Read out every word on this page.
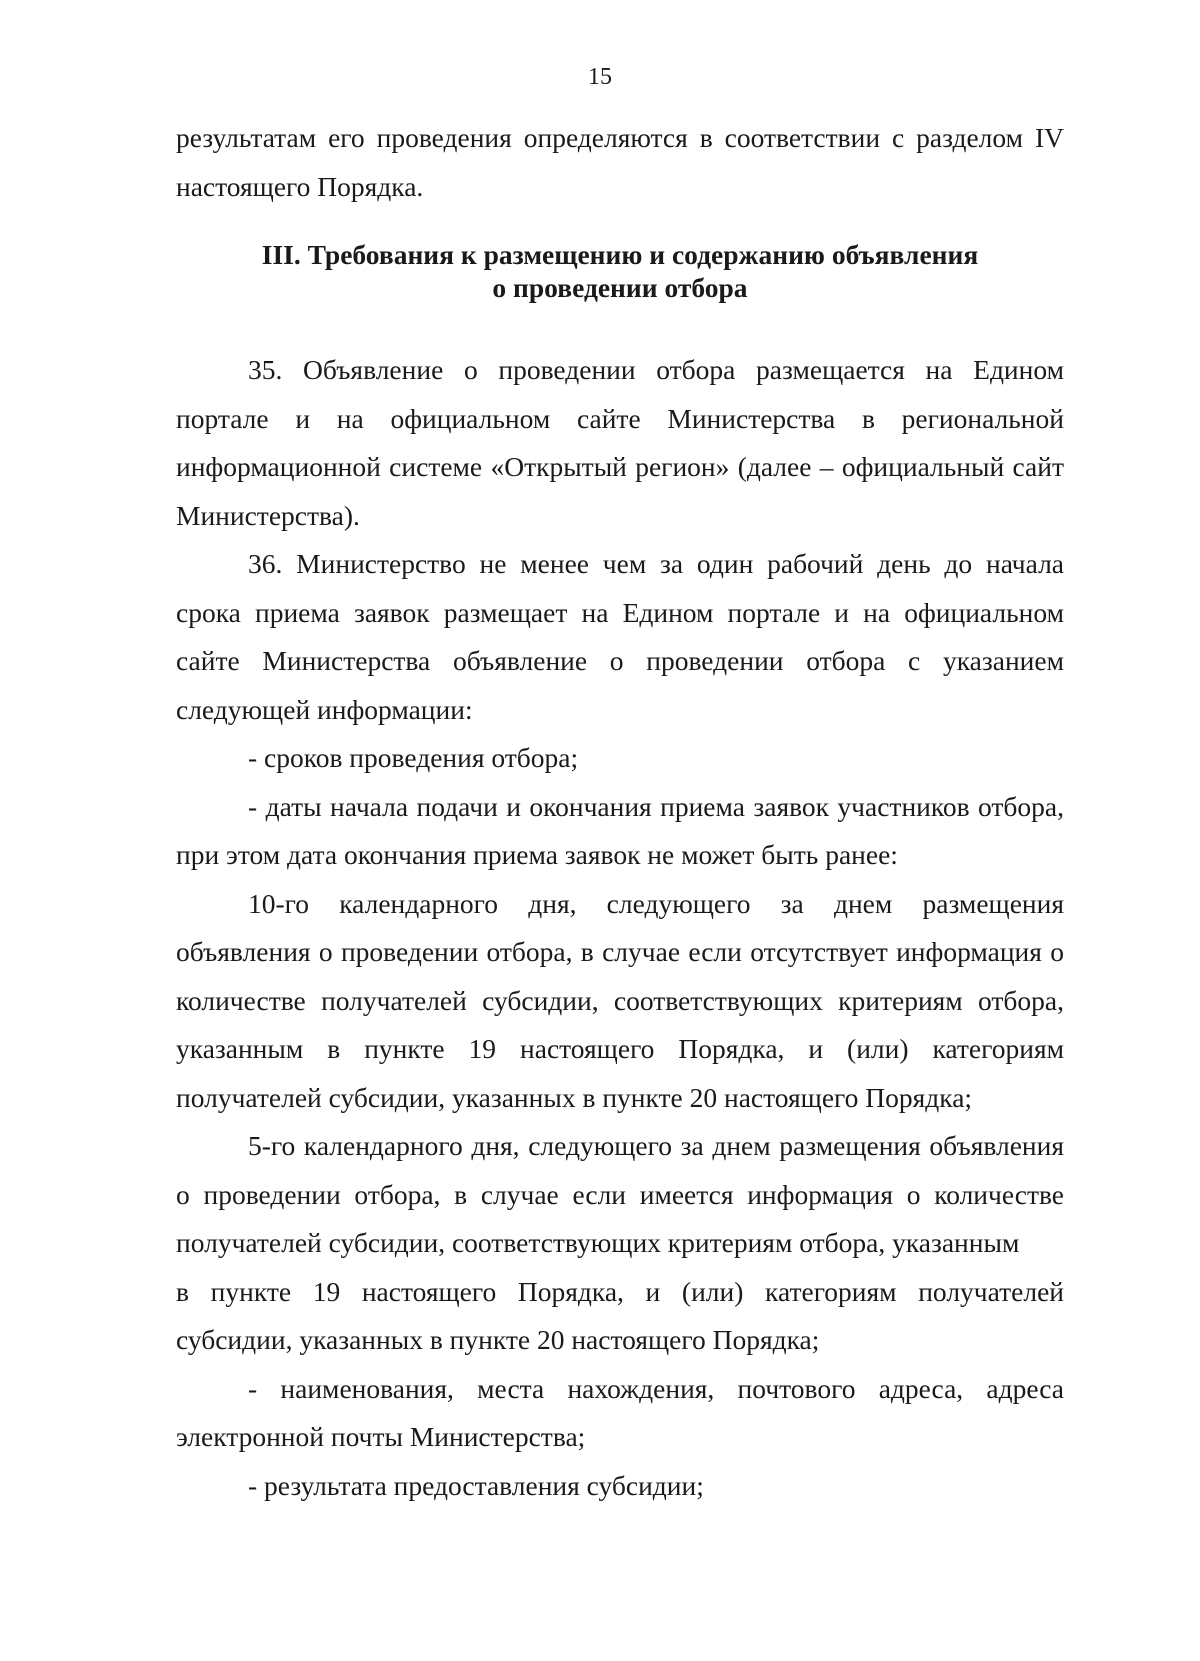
15

результатам его проведения определяются в соответствии с разделом IV настоящего Порядка.

III. Требования к размещению и содержанию объявления
о проведении отбора

35. Объявление о проведении отбора размещается на Едином портале и на официальном сайте Министерства в региональной информационной системе «Открытый регион» (далее – официальный сайт Министерства).

36. Министерство не менее чем за один рабочий день до начала срока приема заявок размещает на Едином портале и на официальном сайте Министерства объявление о проведении отбора с указанием следующей информации:

- сроков проведения отбора;

- даты начала подачи и окончания приема заявок участников отбора, при этом дата окончания приема заявок не может быть ранее:

10-го календарного дня, следующего за днем размещения объявления о проведении отбора, в случае если отсутствует информация о количестве получателей субсидии, соответствующих критериям отбора, указанным в пункте 19 настоящего Порядка, и (или) категориям получателей субсидии, указанных в пункте 20 настоящего Порядка;

5-го календарного дня, следующего за днем размещения объявления о проведении отбора, в случае если имеется информация о количестве получателей субсидии, соответствующих критериям отбора, указанным

в пункте 19 настоящего Порядка, и (или) категориям получателей субсидии, указанных в пункте 20 настоящего Порядка;

- наименования, места нахождения, почтового адреса, адреса электронной почты Министерства;

- результата предоставления субсидии;
